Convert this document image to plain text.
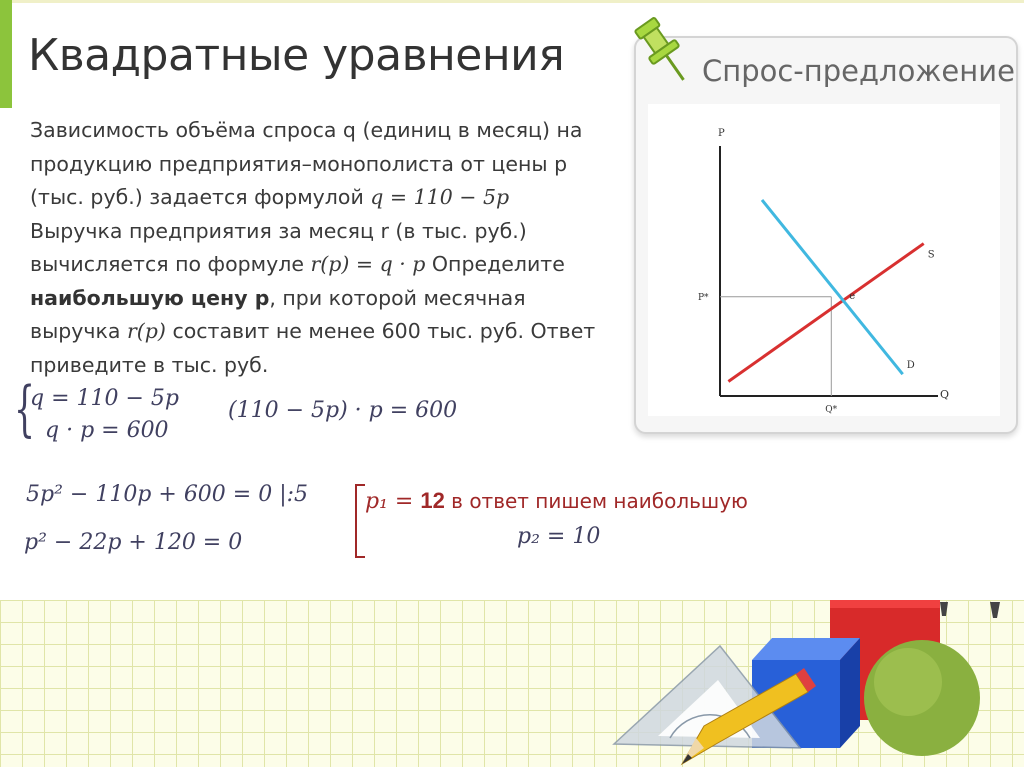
Квадратные уравнения
Зависимость объёма спроса q (единиц в месяц) на продукцию предприятия–монополиста от цены p (тыс. руб.) задается формулой q = 110 − 5p Выручка предприятия за месяц r (в тыс. руб.) вычисляется по формуле r(p) = q · p Определите наибольшую цену p, при которой месячная выручка r(p) составит не менее 600 тыс. руб. Ответ приведите в тыс. руб.
{
q = 110 − 5p
q · p = 600
(110 − 5p) · p = 600
5p² − 110p + 600 = 0 |:5
p² − 22p + 120 = 0
p₁ = 12 в ответ пишем наибольшую
p₂ = 10
Спрос-предложение
P
Q
S
D
e
P*
Q*
